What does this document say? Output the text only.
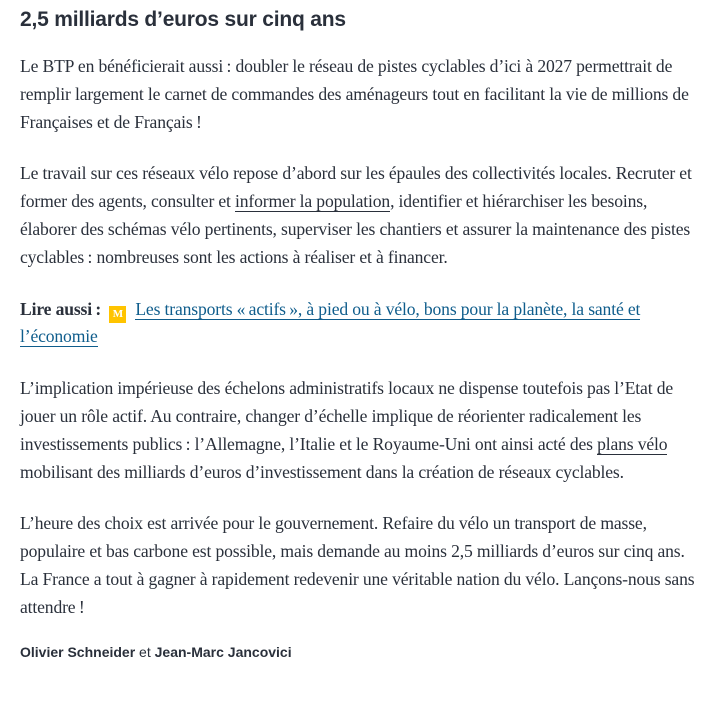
2,5 milliards d’euros sur cinq ans

Le BTP en bénéficierait aussi : doubler le réseau de pistes cyclables d’ici à 2027 permettrait de remplir largement le carnet de commandes des aménageurs tout en facilitant la vie de millions de Françaises et de Français !

Le travail sur ces réseaux vélo repose d’abord sur les épaules des collectivités locales. Recruter et former des agents, consulter et informer la population, identifier et hiérarchiser les besoins, élaborer des schémas vélo pertinents, superviser les chantiers et assurer la maintenance des pistes cyclables : nombreuses sont les actions à réaliser et à financer.

Lire aussi : M Les transports « actifs », à pied ou à vélo, bons pour la planète, la santé et l’économie

L’implication impérieuse des échelons administratifs locaux ne dispense toutefois pas l’Etat de jouer un rôle actif. Au contraire, changer d’échelle implique de réorienter radicalement les investissements publics : l’Allemagne, l’Italie et le Royaume-Uni ont ainsi acté des plans vélo mobilisant des milliards d’euros d’investissement dans la création de réseaux cyclables.

L’heure des choix est arrivée pour le gouvernement. Refaire du vélo un transport de masse, populaire et bas carbone est possible, mais demande au moins 2,5 milliards d’euros sur cinq ans. La France a tout à gagner à rapidement redevenir une véritable nation du vélo. Lançons-nous sans attendre !

Olivier Schneider et Jean-Marc Jancovici
